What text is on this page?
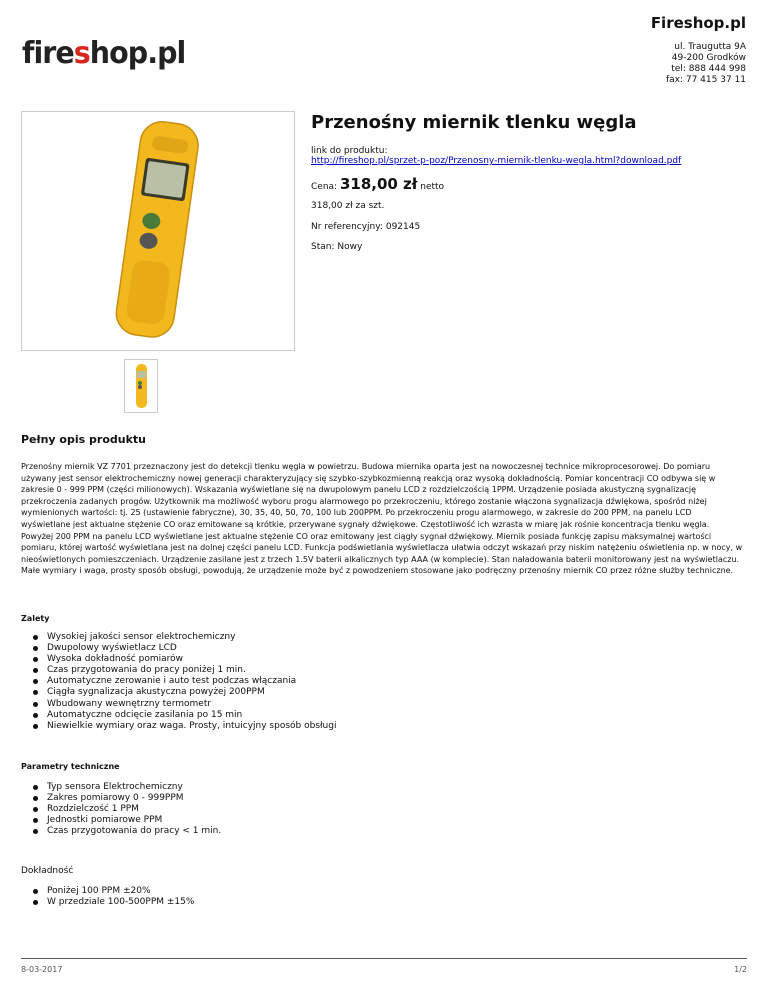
Fireshop.pl
fireshop.pl	ul. Traugutta 9A
49-200 Grodków
tel: 888 444 998
fax: 77 415 37 11
Przenośny miernik tlenku węgla
link do produktu:
http://fireshop.pl/sprzet-p-poz/Przenosny-miernik-tlenku-wegla.html?download.pdf
Cena: 318,00 zł netto
318,00 zł za szt.
Nr referencyjny: 092145
Stan: Nowy
Pełny opis produktu
Przenośny miernik VZ 7701 przeznaczony jest do detekcji tlenku węgla w powietrzu. Budowa miernika oparta jest na nowoczesnej technice mikroprocesorowej. Do pomiaru używany jest sensor elektrochemiczny nowej generacji charakteryzujący się szybko-szybkozmienną reakcją oraz wysoką dokładnością. Pomiar koncentracji CO odbywa się w zakresie 0 - 999 PPM (części milionowych). Wskazania wyświetlane się na dwupolowym panelu LCD z rozdzielczością 1PPM. Urządzenie posiada akustyczną sygnalizację przekroczenia zadanych progów. Użytkownik ma możliwość wyboru progu alarmowego po przekroczeniu, którego zostanie włączona sygnalizacja dźwiękowa, spośród niżej wymienionych wartości: tj. 25 (ustawienie fabryczne), 30, 35, 40, 50, 70, 100 lub 200PPM. Po przekroczeniu progu alarmowego, w zakresie do 200 PPM, na panelu LCD wyświetlane jest aktualne stężenie CO oraz emitowane są krótkie, przerywane sygnały dźwiękowe. Częstotliwość ich wzrasta w miarę jak rośnie koncentracja tlenku węgla. Powyżej 200 PPM na panelu LCD wyświetlane jest aktualne stężenie CO oraz emitowany jest ciągły sygnał dźwiękowy. Miernik posiada funkcję zapisu maksymalnej wartości pomiaru, której wartość wyświetlana jest na dolnej części panelu LCD. Funkcja podświetlania wyświetlacza ułatwia odczyt wskazań przy niskim natężeniu oświetlenia np. w nocy, w nieoświetlonych pomieszczeniach. Urządzenie zasilane jest z trzech 1.5V baterii alkalicznych typ AAA (w komplecie). Stan naładowania baterii monitorowany jest na wyświetlaczu. Małe wymiary i waga, prosty sposób obsługi, powodują, że urządzenie może być z powodzeniem stosowane jako podręczny przenośny miernik CO przez różne służby techniczne.
Zalety
Wysokiej jakości sensor elektrochemiczny
Dwupolowy wyświetlacz LCD
Wysoka dokładność pomiarów
Czas przygotowania do pracy poniżej 1 min.
Automatyczne zerowanie i auto test podczas włączania
Ciągła sygnalizacja akustyczna powyżej 200PPM
Wbudowany wewnętrzny termometr
Automatyczne odcięcie zasilania po 15 min
Niewielkie wymiary oraz waga. Prosty, intuicyjny sposób obsługi
Parametry techniczne
Typ sensora Elektrochemiczny
Zakres pomiarowy 0 - 999PPM
Rozdzielczość 1 PPM
Jednostki pomiarowe PPM
Czas przygotowania do pracy < 1 min.
Dokładność
Poniżej 100 PPM ±20%
W przedziale 100-500PPM ±15%
8-03-2017	1/2
